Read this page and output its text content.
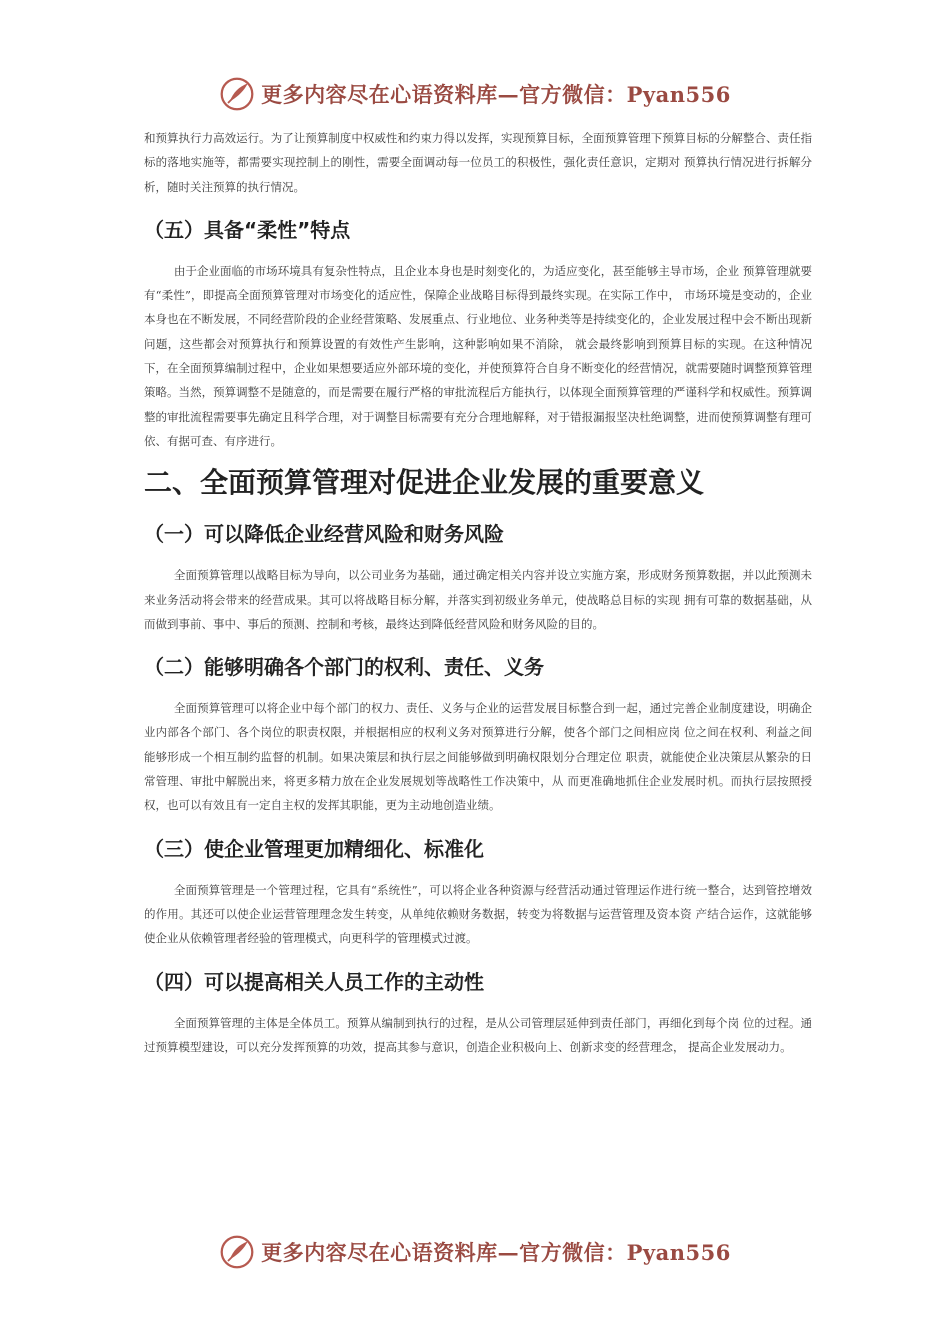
更多内容尽在心语资料库—官方微信：Pyan556

和预算执行力高效运行。为了让预算制度中权威性和约束力得以发挥，实现预算目标，全面预算管理下预算目标的分解整合、责任指标的落地实施等，都需要实现控制上的刚性，需要全面调动每一位员工的积极性，强化责任意识，定期对 预算执行情况进行拆解分析，随时关注预算的执行情况。

（五）具备“柔性”特点

由于企业面临的市场环境具有复杂性特点，且企业本身也是时刻变化的，为适应变化，甚至能够主导市场，企业 预算管理就要有“柔性”，即提高全面预算管理对市场变化的适应性，保障企业战略目标得到最终实现。在实际工作中， 市场环境是变动的，企业本身也在不断发展，不同经营阶段的企业经营策略、发展重点、行业地位、业务种类等是持续变化的，企业发展过程中会不断出现新问题，这些都会对预算执行和预算设置的有效性产生影响，这种影响如果不消除， 就会最终影响到预算目标的实现。在这种情况下，在全面预算编制过程中，企业如果想要适应外部环境的变化，并使预算符合自身不断变化的经营情况，就需要随时调整预算管理策略。当然，预算调整不是随意的，而是需要在履行严格的审批流程后方能执行，以体现全面预算管理的严谨科学和权威性。预算调整的审批流程需要事先确定且科学合理，对于调整目标需要有充分合理地解释，对于错报漏报坚决杜绝调整，进而使预算调整有理可依、有据可查、有序进行。

二、全面预算管理对促进企业发展的重要意义
（一）可以降低企业经营风险和财务风险

全面预算管理以战略目标为导向，以公司业务为基础，通过确定相关内容并设立实施方案，形成财务预算数据，并以此预测未来业务活动将会带来的经营成果。其可以将战略目标分解，并落实到初级业务单元，使战略总目标的实现 拥有可靠的数据基础，从而做到事前、事中、事后的预测、控制和考核，最终达到降低经营风险和财务风险的目的。

（二）能够明确各个部门的权利、责任、义务

全面预算管理可以将企业中每个部门的权力、责任、义务与企业的运营发展目标整合到一起，通过完善企业制度建设，明确企业内部各个部门、各个岗位的职责权限，并根据相应的权利义务对预算进行分解，使各个部门之间相应岗 位之间在权利、利益之间能够形成一个相互制约监督的机制。如果决策层和执行层之间能够做到明确权限划分合理定位 职责，就能使企业决策层从繁杂的日常管理、审批中解脱出来，将更多精力放在企业发展规划等战略性工作决策中，从 而更准确地抓住企业发展时机。而执行层按照授权，也可以有效且有一定自主权的发挥其职能，更为主动地创造业绩。

（三）使企业管理更加精细化、标准化

全面预算管理是一个管理过程，它具有“系统性”，可以将企业各种资源与经营活动通过管理运作进行统一整合，达到管控增效的作用。其还可以使企业运营管理理念发生转变，从单纯依赖财务数据，转变为将数据与运营管理及资本资 产结合运作，这就能够使企业从依赖管理者经验的管理模式，向更科学的管理模式过渡。

（四）可以提高相关人员工作的主动性

全面预算管理的主体是全体员工。预算从编制到执行的过程，是从公司管理层延伸到责任部门，再细化到每个岗 位的过程。通过预算模型建设，可以充分发挥预算的功效，提高其参与意识，创造企业积极向上、创新求变的经营理念， 提高企业发展动力。

更多内容尽在心语资料库—官方微信：Pyan556
